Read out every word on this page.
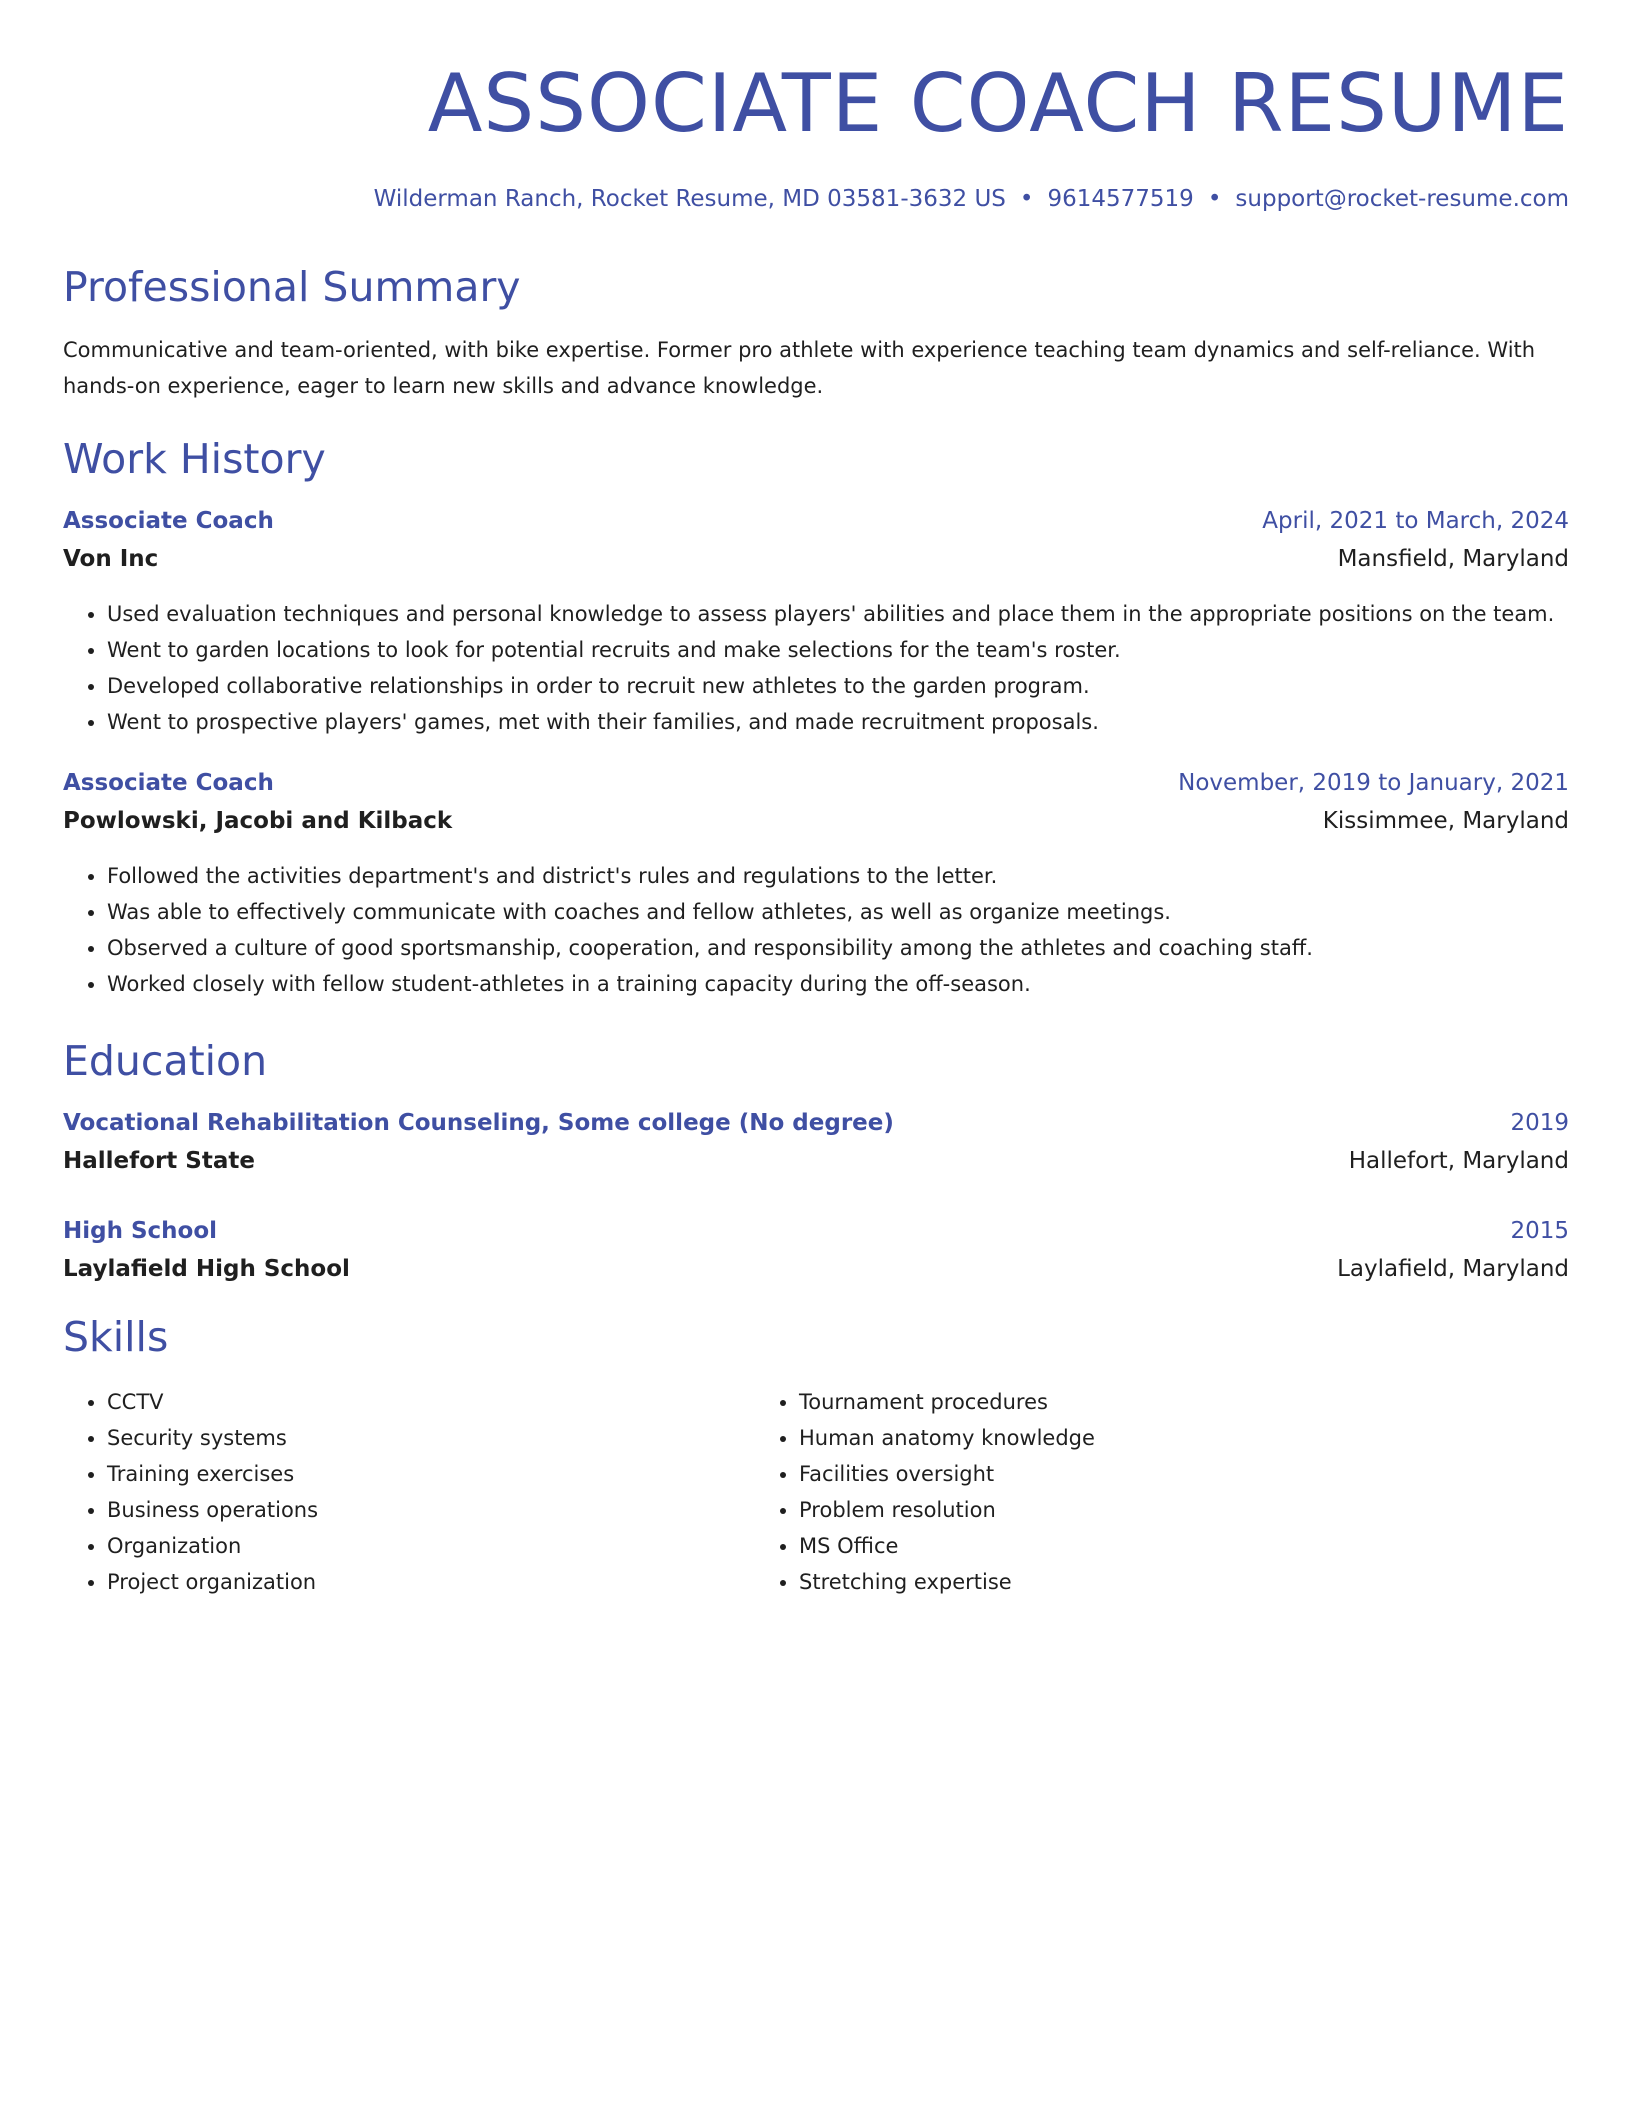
ASSOCIATE COACH RESUME
Wilderman Ranch, Rocket Resume, MD 03581-3632 US • 9614577519 • support@rocket-resume.com
Professional Summary
Communicative and team-oriented, with bike expertise. Former pro athlete with experience teaching team dynamics and self-reliance. With hands-on experience, eager to learn new skills and advance knowledge.
Work History
Associate Coach	April, 2021 to March, 2024
Von Inc	Mansfield, Maryland
• Used evaluation techniques and personal knowledge to assess players' abilities and place them in the appropriate positions on the team.
• Went to garden locations to look for potential recruits and make selections for the team's roster.
• Developed collaborative relationships in order to recruit new athletes to the garden program.
• Went to prospective players' games, met with their families, and made recruitment proposals.
Associate Coach	November, 2019 to January, 2021
Powlowski, Jacobi and Kilback	Kissimmee, Maryland
• Followed the activities department's and district's rules and regulations to the letter.
• Was able to effectively communicate with coaches and fellow athletes, as well as organize meetings.
• Observed a culture of good sportsmanship, cooperation, and responsibility among the athletes and coaching staff.
• Worked closely with fellow student-athletes in a training capacity during the off-season.
Education
Vocational Rehabilitation Counseling, Some college (No degree)	2019
Hallefort State	Hallefort, Maryland
High School	2015
Laylafield High School	Laylafield, Maryland
Skills
• CCTV
• Security systems
• Training exercises
• Business operations
• Organization
• Project organization
• Tournament procedures
• Human anatomy knowledge
• Facilities oversight
• Problem resolution
• MS Office
• Stretching expertise
